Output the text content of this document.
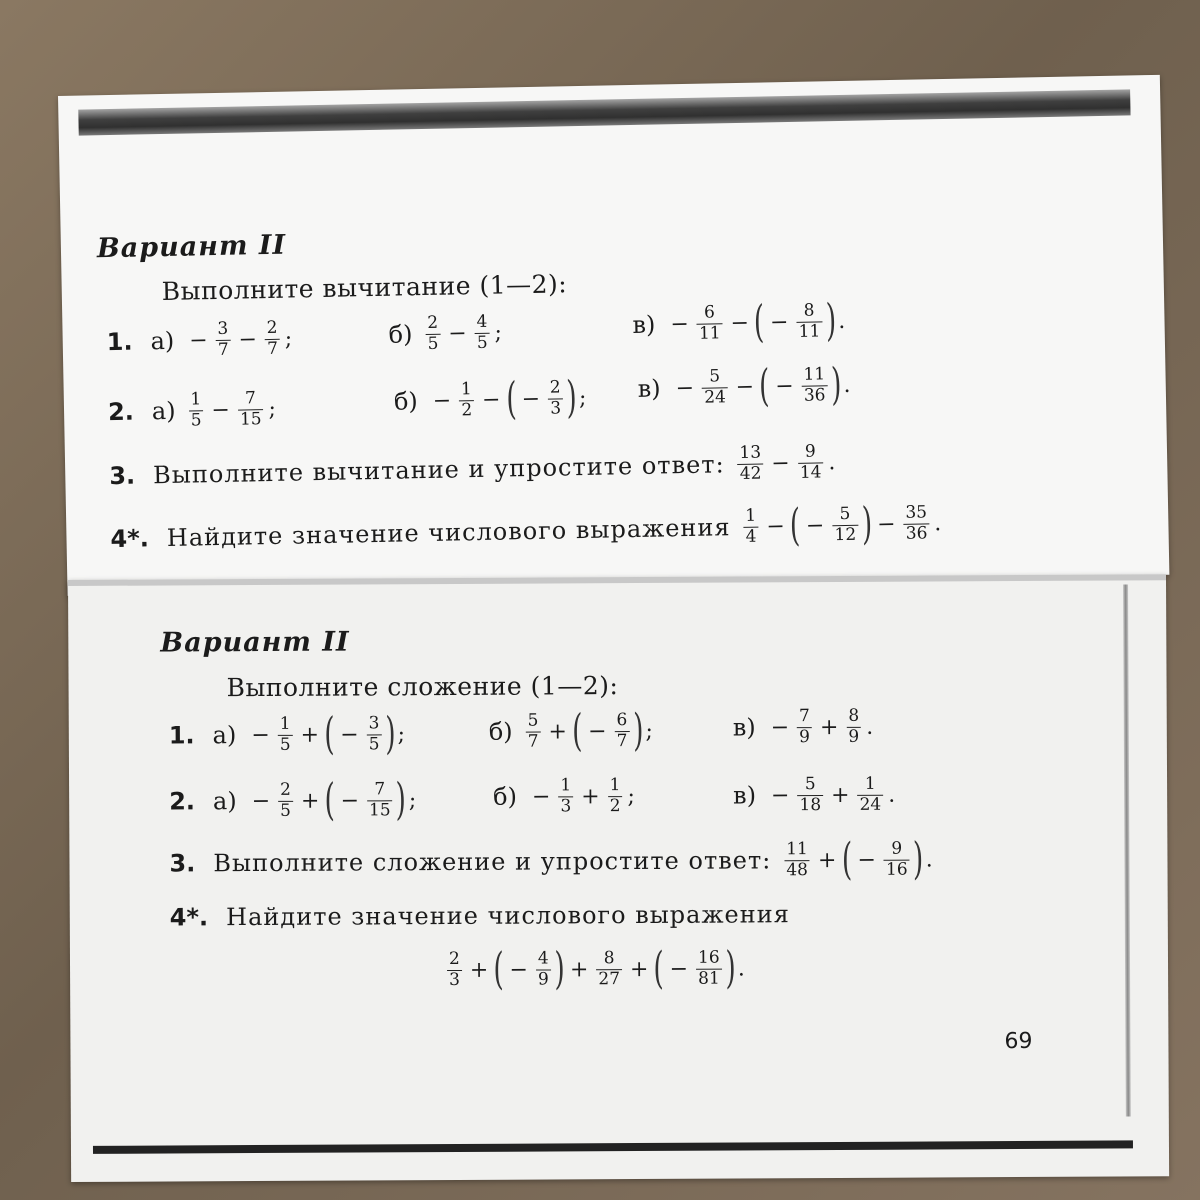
Вариант II
Выполните вычитание (1—2):
1. $а) - \frac{3}{7} - \frac{2}{7}$ ;	$б) \frac{2}{5} - \frac{4}{5}$ ;	$в) - \frac{6}{11}$ − ( − $\frac{8}{11}$ ) .
2. $а) \frac{1}{5} - \frac{7}{15}$ ;	$б) - \frac{1}{2}$ − ( − $\frac{2}{3}$ ) ; $в) - \frac{5}{24}$ − ( − $\frac{11}{36}$ ) .
3. Выполните вычитание и упростите ответ: $\frac{13}{42} - \frac{9}{14}$ .
4*. Найдите значение числового выражения $\frac{1}{4}$ − ( − $\frac{5}{12}$ ) − $\frac{35}{36}$ .
Вариант II
Выполните сложение (1—2):
1. $а) - \frac{1}{5}$ + ( − $\frac{3}{5}$ ) ;	$б) \frac{5}{7}$ + ( − $\frac{6}{7}$ ) ;	$в) - \frac{7}{9} + \frac{8}{9}$ .
2. $а) - \frac{2}{5}$ + ( − $\frac{7}{15}$ ) ;	$б) - \frac{1}{3} + \frac{1}{2}$ ;	$в) - \frac{5}{18} + \frac{1}{24}$ .
3. Выполните сложение и упростите ответ: $\frac{11}{48}$ + ( − $\frac{9}{16}$ ) .
4*. Найдите значение числового выражения
$\frac{2}{3}$ + ( − $\frac{4}{9}$ ) + $\frac{8}{27}$ + ( − $\frac{16}{81}$ ) .
69
